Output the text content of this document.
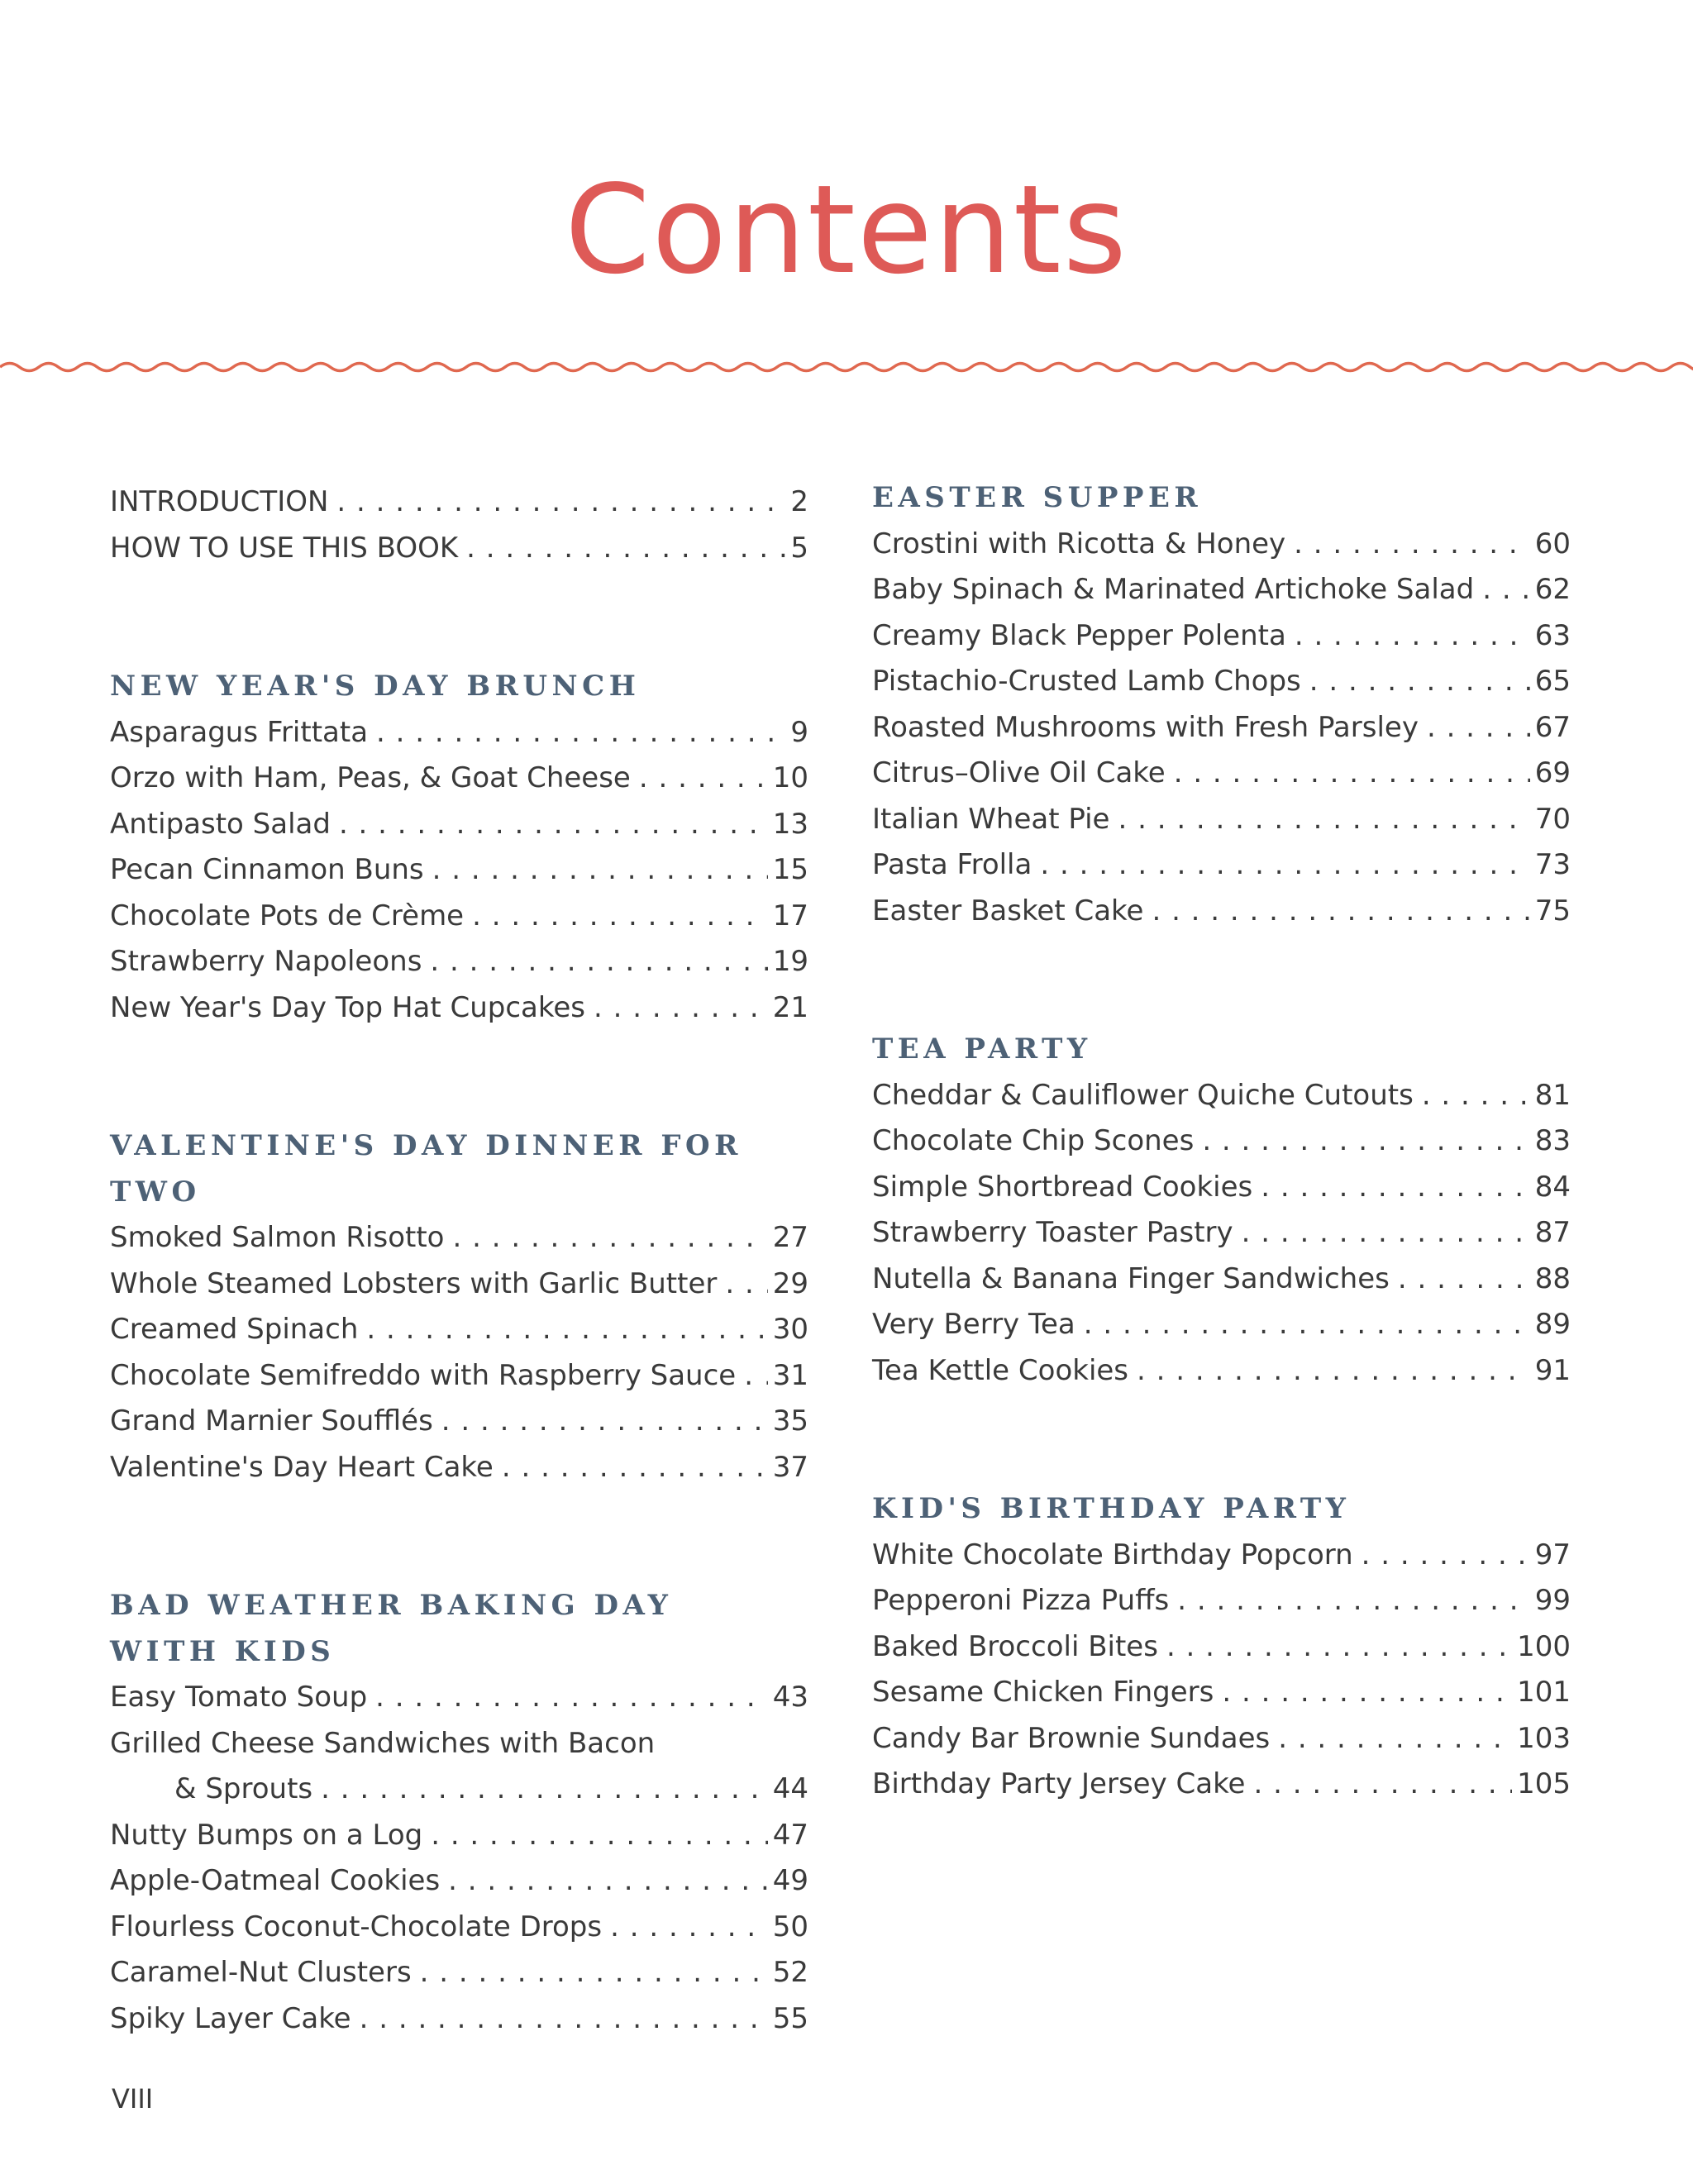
Contents
INTRODUCTION . . .	2
HOW TO USE THIS BOOK . . .	5
NEW YEAR'S DAY BRUNCH
Asparagus Frittata . . .	9
Orzo with Ham, Peas, & Goat Cheese . . .	10
Antipasto Salad . . .	13
Pecan Cinnamon Buns . . .	15
Chocolate Pots de Crème . . .	17
Strawberry Napoleons . . .	19
New Year's Day Top Hat Cupcakes . . .	21
VALENTINE'S DAY DINNER FOR TWO
Smoked Salmon Risotto . . .	27
Whole Steamed Lobsters with Garlic Butter . . . 29
Creamed Spinach . . .	30
Chocolate Semifreddo with Raspberry Sauce . . . 31
Grand Marnier Soufflés . . .	35
Valentine's Day Heart Cake . . .	37
BAD WEATHER BAKING DAY
WITH KIDS
Easy Tomato Soup . . .	43
Grilled Cheese Sandwiches with Bacon
& Sprouts . . .	44
Nutty Bumps on a Log . . .	47
Apple-Oatmeal Cookies . . .	49
Flourless Coconut-Chocolate Drops . . .	50
Caramel-Nut Clusters . . .	52
Spiky Layer Cake . . .	55
EASTER SUPPER
Crostini with Ricotta & Honey . . .	60
Baby Spinach & Marinated Artichoke Salad . . . 62
Creamy Black Pepper Polenta . . .	63
Pistachio-Crusted Lamb Chops . . .	65
Roasted Mushrooms with Fresh Parsley . . .	67
Citrus–Olive Oil Cake . . .	69
Italian Wheat Pie . . .	70
Pasta Frolla . . .	73
Easter Basket Cake . . .	75
TEA PARTY
Cheddar & Cauliflower Quiche Cutouts . . .	81
Chocolate Chip Scones . . .	83
Simple Shortbread Cookies . . .	84
Strawberry Toaster Pastry . . .	87
Nutella & Banana Finger Sandwiches . . .	88
Very Berry Tea . . .	89
Tea Kettle Cookies . . .	91
KID'S BIRTHDAY PARTY
White Chocolate Birthday Popcorn . . .	97
Pepperoni Pizza Puffs . . .	99
Baked Broccoli Bites . . .	100
Sesame Chicken Fingers . . .	101
Candy Bar Brownie Sundaes . . .	103
Birthday Party Jersey Cake . . .	105
VIII
